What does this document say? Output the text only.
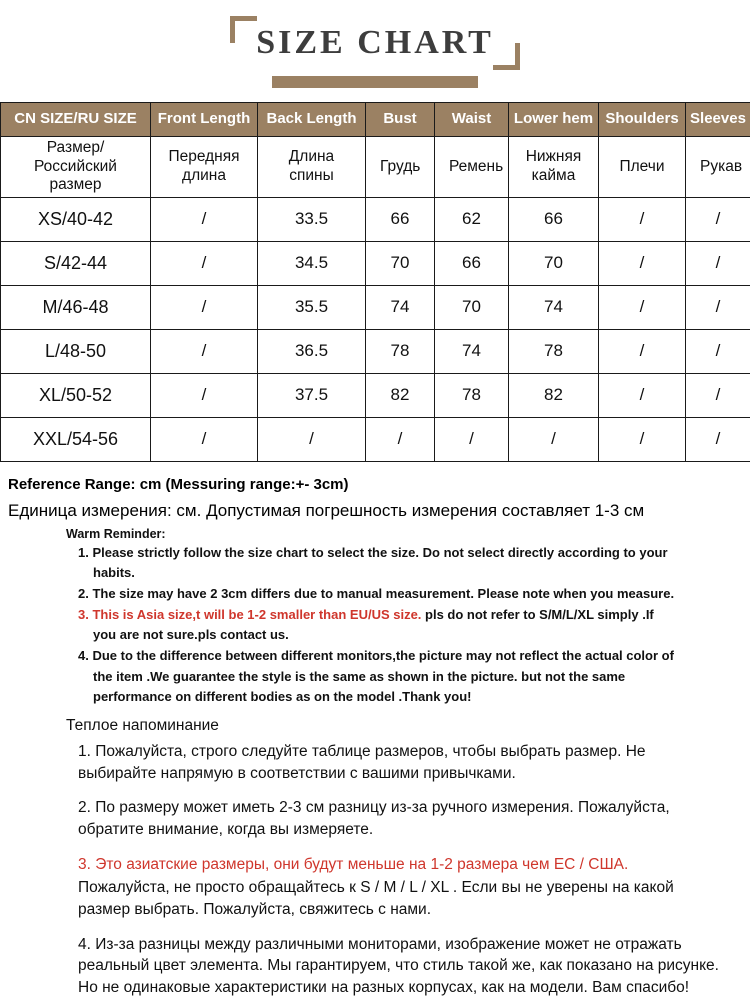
SIZE CHART
CN SIZE/RU SIZE	Front Length	Back Length	Bust	Waist	Lower hem	Shoulders	Sleeves
Размер/Российский размер	Передняя длина	Длина спины	Грудь	Ремень	Нижняя кайма	Плечи	Рукав
XS/40-42	/	33.5	66	62	66	/	/
S/42-44	/	34.5	70	66	70	/	/
M/46-48	/	35.5	74	70	74	/	/
L/48-50	/	36.5	78	74	78	/	/
XL/50-52	/	37.5	82	78	82	/	/
XXL/54-56	/	/	/	/	/	/	/

Reference Range: cm (Messuring range:+- 3cm)

Единица измерения: см. Допустимая погрешность измерения составляет 1-3 см

Warm Reminder:

1. Please strictly follow the size chart to select the size. Do not select directly according to your habits.

2. The size may have 2 3cm differs due to manual measurement. Please note when you measure.

3. This is Asia size,t will be 1-2 smaller than EU/US size. pls do not refer to S/M/L/XL simply .If you are not sure.pls contact us.

4. Due to the difference between different monitors,the picture may not reflect the actual color of the item .We guarantee the style is the same as shown in the picture. but not the same performance on different bodies as on the model .Thank you!

Теплое напоминание

1. Пожалуйста, строго следуйте таблице размеров, чтобы выбрать размер. Не выбирайте напрямую в соответствии с вашими привычками.

2. По размеру может иметь 2-3 см разницу из-за ручного измерения. Пожалуйста, обратите внимание, когда вы измеряете.

3. Это азиатские размеры, они будут меньше на 1-2 размера чем ЕС / США.

Пожалуйста, не просто обращайтесь к S / M / L / XL . Если вы не уверены на какой размер выбрать. Пожалуйста, свяжитесь с нами.

4. Из-за разницы между различными мониторами, изображение может не отражать реальный цвет элемента. Мы гарантируем, что стиль такой же, как показано на рисунке. Но не одинаковые характеристики на разных корпусах, как на модели. Вам спасибо!
